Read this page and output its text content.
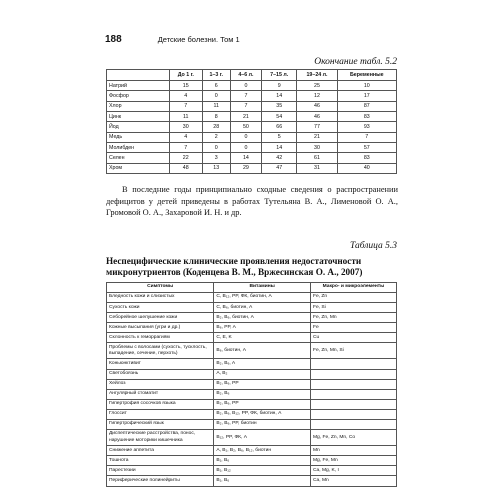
188	Детские болезни. Том 1
Окончание табл. 5.2
	До 1 г.	1–3 г.	4–6 л.	7–15 л.	19–24 л.	Беременные
Натрий	15	6	0	9	25	10
Фосфор	4	0	7	14	12	17
Хлор	7	11	7	35	46	87
Цинк	11	8	21	54	46	83
Йод	30	28	50	66	77	93
Медь	4	2	0	5	21	7
Молибден	7	0	0	14	30	57
Селен	22	3	14	42	61	83
Хром	48	13	29	47	31	40

В последние годы принципиально сходные сведения о распространении дефицитов у детей приведены в работах Тутельяна В. А., Лименовой О. А., Громовой О. А., Захаровой И. Н. и др.

Таблица 5.3

Неспецифические клинические проявления недостаточности микронутриентов (Коденцева В. М., Вржесинская О. А., 2007)

Симптомы	Витамины	Макро- и микроэлементы
Бледность кожи и слизистых	C, B₁₂, PP, ФК, биотин, A	Fe, Zn
Сухость кожи	C, B₆, биотин, A	Fe, Si
Себорейное шелушение кожи	B₂, B₆, биотин, A	Fe, Zn, Mn
Кожные высыпания (угри и др.)	B₆, PP, A	Fe
Склонность к геморрагиям	C, E, K	Cu
Проблемы с волосами (сухость, тусклость, выпадение, сечение, перхоть)	B₆, биотин, A	Fe, Zn, Mn, Si
Коньюнктивит	B₂, B₆, A	
Светобоязнь	A, B₂	
Хейлоз	B₂, B₆, PP	
Ангулярный стоматит	B₂, B₆	
Гипертрофия сосочков языка	B₂, B₆, PP	
Глоссит	B₂, B₆, B₁₂, PP, ФК, биотин, A	
Гипертрофический язык	B₂, B₆, PP, биотин	
Диспептические расстройства, понос, нарушение моторики кишечника	B₁₂, PP, ФК, A	Mg, Fe, Zn, Mn, Co
Снижение аппетита	A, B₁, B₂, B₆, B₁₂, биотин	Mn
Тошнота	B₁, B₆	Mg, Fe, Mn
Парестезии	B₁, B₁₂	Ca, Mg, K, I
Периферические полинейриты	B₁, B₆	Ca, Mn
